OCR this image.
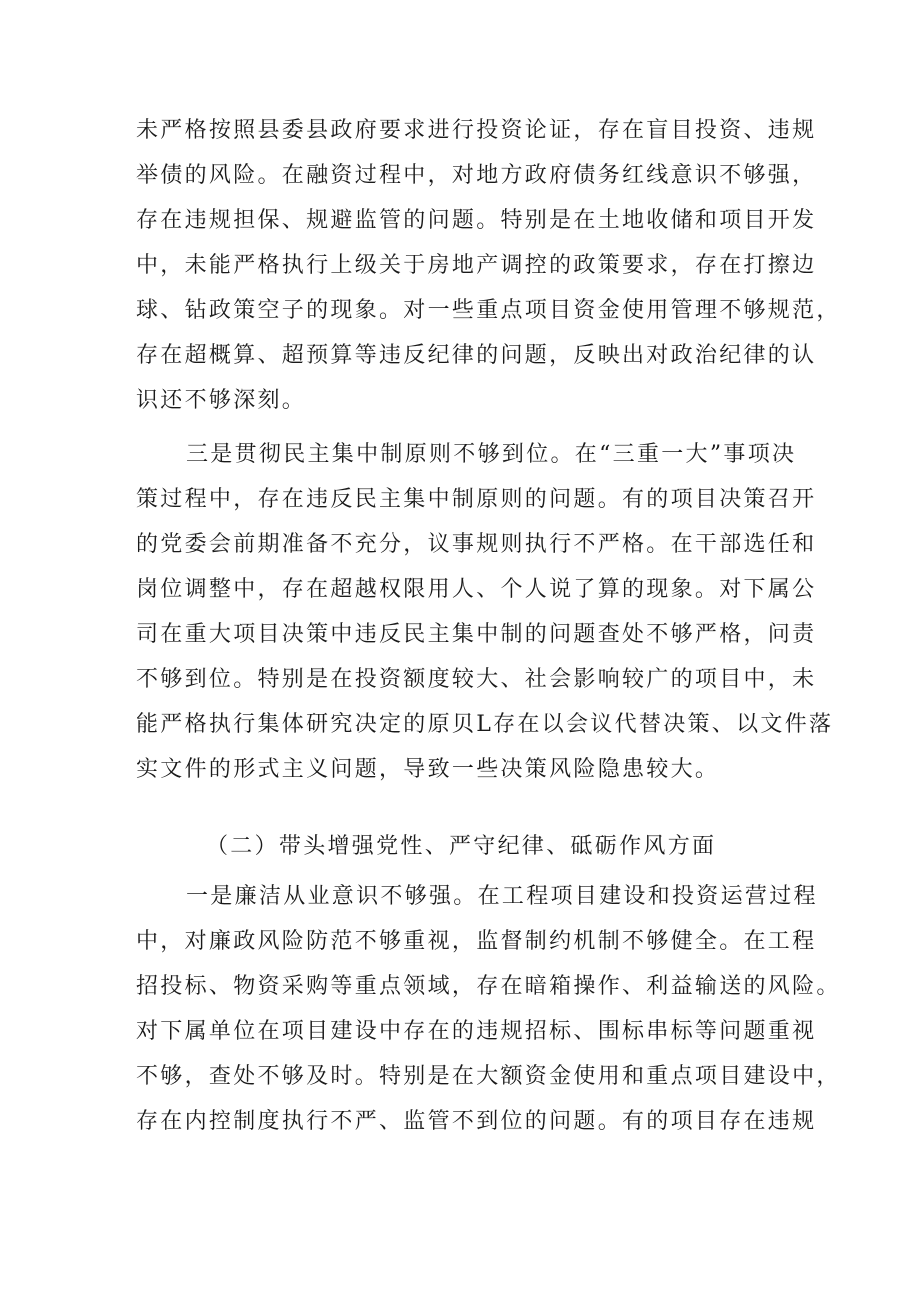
未严格按照县委县政府要求进行投资论证，存在盲目投资、违规
举债的风险。在融资过程中，对地方政府债务红线意识不够强，
存在违规担保、规避监管的问题。特别是在土地收储和项目开发
中，未能严格执行上级关于房地产调控的政策要求，存在打擦边
球、钻政策空子的现象。对一些重点项目资金使用管理不够规范，
存在超概算、超预算等违反纪律的问题，反映出对政治纪律的认
识还不够深刻。
三是贯彻民主集中制原则不够到位。在“三重一大”事项决
策过程中，存在违反民主集中制原则的问题。有的项目决策召开
的党委会前期准备不充分，议事规则执行不严格。在干部选任和
岗位调整中，存在超越权限用人、个人说了算的现象。对下属公
司在重大项目决策中违反民主集中制的问题查处不够严格，问责
不够到位。特别是在投资额度较大、社会影响较广的项目中，未
能严格执行集体研究决定的原贝L存在以会议代替决策、以文件落
实文件的形式主义问题，导致一些决策风险隐患较大。
（二）带头增强党性、严守纪律、砥砺作风方面
一是廉洁从业意识不够强。在工程项目建设和投资运营过程
中，对廉政风险防范不够重视，监督制约机制不够健全。在工程
招投标、物资采购等重点领域，存在暗箱操作、利益输送的风险。
对下属单位在项目建设中存在的违规招标、围标串标等问题重视
不够，查处不够及时。特别是在大额资金使用和重点项目建设中，
存在内控制度执行不严、监管不到位的问题。有的项目存在违规
